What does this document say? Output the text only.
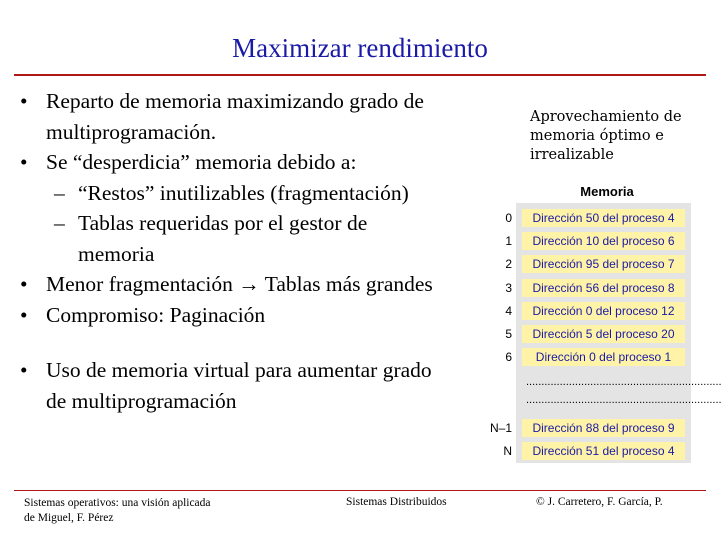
Maximizar rendimiento
• Reparto de memoria maximizando grado de
multiprogramación.
• Se “desperdicia” memoria debido a:
– “Restos” inutilizables (fragmentación)
– Tablas requeridas por el gestor de
memoria
• Menor fragmentación → Tablas más grandes
• Compromiso: Paginación
• Uso de memoria virtual para aumentar grado
de multiprogramación
Aprovechamiento de
memoria óptimo e
irrealizable
Memoria
0
1
2
3
4
5
6
N–1
N
Dirección 50 del proceso 4
Dirección 10 del proceso 6
Dirección 95 del proceso 7
Dirección 56 del proceso 8
Dirección 0 del proceso 12
Dirección 5 del proceso 20
Dirección 0 del proceso 1
................................................................
................................................................
Dirección 88 del proceso 9
Dirección 51 del proceso 4
Sistemas operativos: una visión aplicada
de Miguel, F. Pérez
Sistemas Distribuidos	© J. Carretero, F. García, P.
